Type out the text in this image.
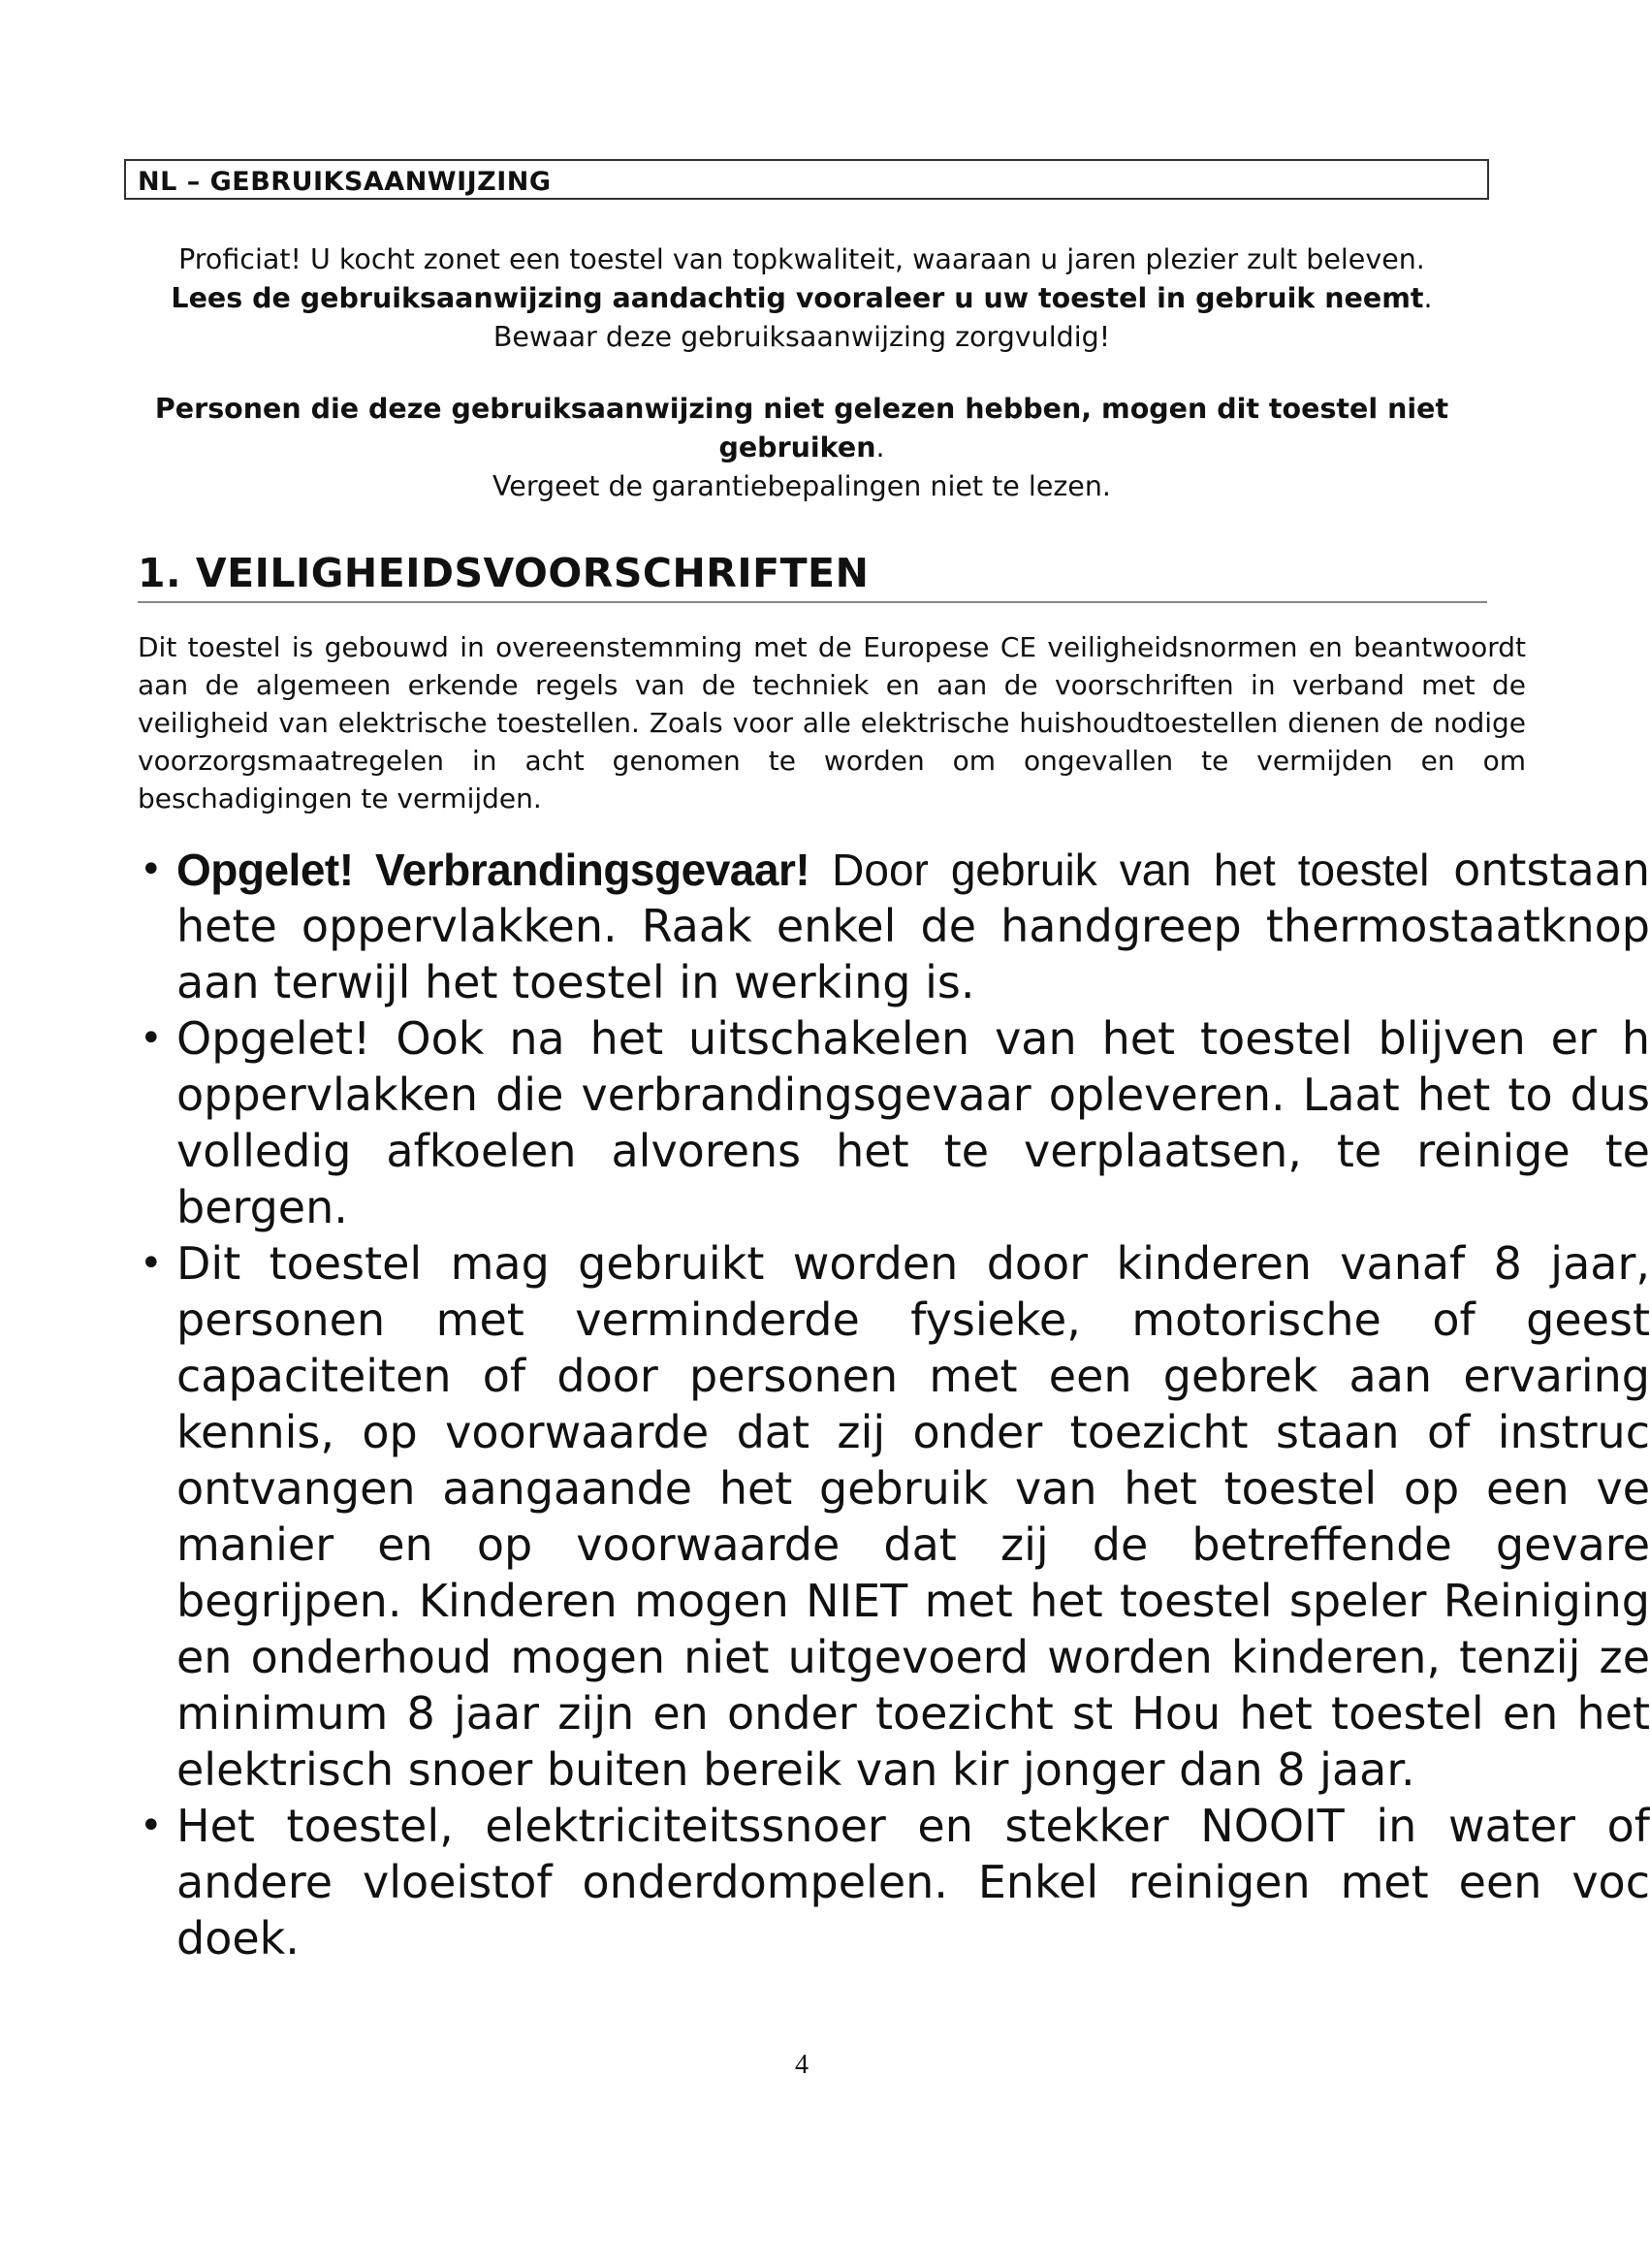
NL – GEBRUIKSAANWIJZING
Proficiat! U kocht zonet een toestel van topkwaliteit, waaraan u jaren plezier zult beleven. Lees de gebruiksaanwijzing aandachtig vooraleer u uw toestel in gebruik neemt. Bewaar deze gebruiksaanwijzing zorgvuldig!
Personen die deze gebruiksaanwijzing niet gelezen hebben, mogen dit toestel niet gebruiken.
Vergeet de garantiebepalingen niet te lezen.
1. VEILIGHEIDSVOORSCHRIFTEN
Dit toestel is gebouwd in overeenstemming met de Europese CE veiligheidsnormen en beantwoordt aan de algemeen erkende regels van de techniek en aan de voorschriften in verband met de veiligheid van elektrische toestellen. Zoals voor alle elektrische huishoudtoestellen dienen de nodige voorzorgsmaatregelen in acht genomen te worden om ongevallen te vermijden en om beschadigingen te vermijden.
• Opgelet! Verbrandingsgevaar! Door gebruik van het toestel ontstaan hete oppervlakken. Raak enkel de handgreep thermostaatknop aan terwijl het toestel in werking is.
• Opgelet! Ook na het uitschakelen van het toestel blijven er h oppervlakken die verbrandingsgevaar opleveren. Laat het to dus volledig afkoelen alvorens het te verplaatsen, te reinige te bergen.
• Dit toestel mag gebruikt worden door kinderen vanaf 8 jaar, personen met verminderde fysieke, motorische of geest capaciteiten of door personen met een gebrek aan ervaring kennis, op voorwaarde dat zij onder toezicht staan of instruc ontvangen aangaande het gebruik van het toestel op een ve manier en op voorwaarde dat zij de betreffende gevare begrijpen. Kinderen mogen NIET met het toestel speler Reiniging en onderhoud mogen niet uitgevoerd worden kinderen, tenzij ze minimum 8 jaar zijn en onder toezicht st Hou het toestel en het elektrisch snoer buiten bereik van kir jonger dan 8 jaar.
• Het toestel, elektriciteitssnoer en stekker NOOIT in water of andere vloeistof onderdompelen. Enkel reinigen met een voc doek.
4
